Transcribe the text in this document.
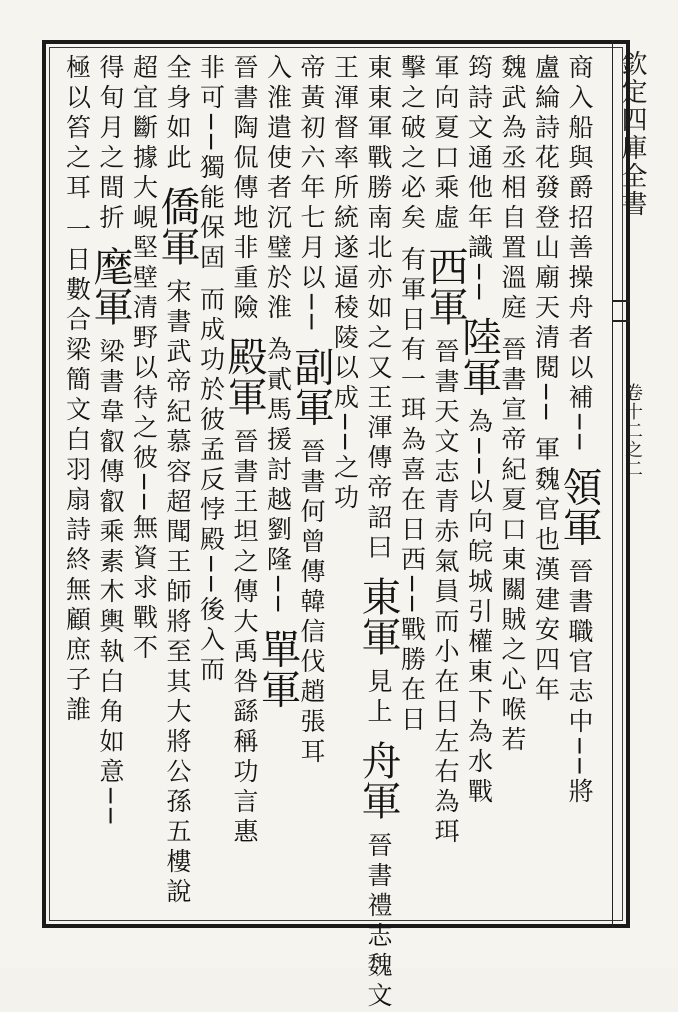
欽定四庫全書
卷十二之二
商入船與爵招善操舟者以補──領軍晉書職官志中──將
盧綸詩花發登山廟天清閱──軍魏官也漢建安四年
魏武為丞相自置溫庭晉書宣帝紀夏口東關賊之心喉若
筠詩文通他年識──陸軍為──以向皖城引權東下為水戰
軍向夏口乘虛西軍晉書天文志青赤氣員而小在日左右為珥
擊之破之必矣有軍日有一珥為喜在日西──戰勝在日
東東軍戰勝南北亦如之又王渾傳帝詔曰東軍見上舟軍晉書禮志魏文
王渾督率所統遂逼稜陵以成──之功
帝黃初六年七月以──副軍晉書何曾傳韓信伐趙張耳
入淮遣使者沉璧於淮為貳馬援討越劉隆──單軍
晉書陶侃傳地非重險殿軍晉書王坦之傳大禹咎繇稱功言惠
非可──獨能保固而成功於彼孟反悖殿──後入而
全身如此僑軍宋書武帝紀慕容超聞王師將至其大將公孫五樓說
超宜斷據大峴堅壁清野以待之彼──無資求戰不
得旬月之間折麾軍梁書韋叡傳叡乘素木輿執白角如意──
極以笞之耳一日數合梁簡文白羽扇詩終無顧庶子誰
